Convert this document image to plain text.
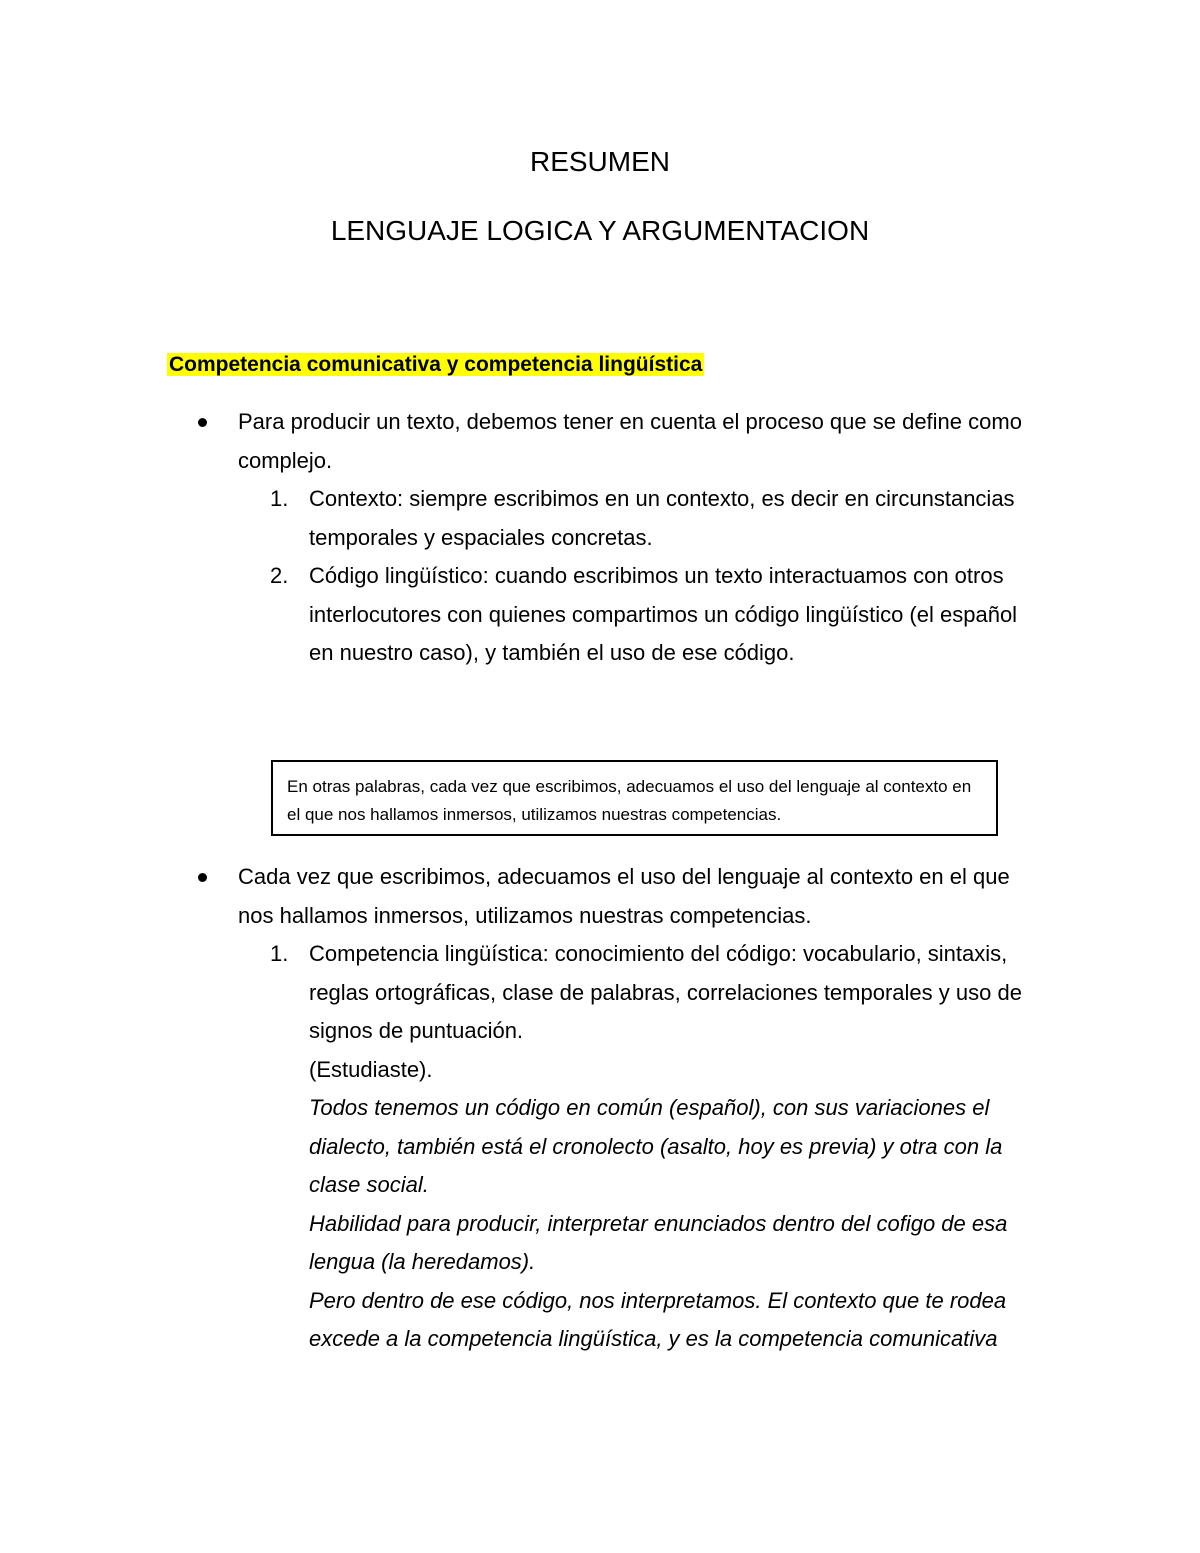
RESUMEN
LENGUAJE LOGICA Y ARGUMENTACION
Competencia comunicativa y competencia lingüística
Para producir un texto, debemos tener en cuenta el proceso que se define como complejo.
1. Contexto: siempre escribimos en un contexto, es decir en circunstancias temporales y espaciales concretas.
2. Código lingüístico: cuando escribimos un texto interactuamos con otros interlocutores con quienes compartimos un código lingüístico (el español en nuestro caso), y también el uso de ese código.
En otras palabras, cada vez que escribimos, adecuamos el uso del lenguaje al contexto en el que nos hallamos inmersos, utilizamos nuestras competencias.
Cada vez que escribimos, adecuamos el uso del lenguaje al contexto en el que nos hallamos inmersos, utilizamos nuestras competencias.
1. Competencia lingüística: conocimiento del código: vocabulario, sintaxis, reglas ortográficas, clase de palabras, correlaciones temporales y uso de signos de puntuación.
(Estudiaste).
Todos tenemos un código en común (español), con sus variaciones el dialecto, también está el cronolecto (asalto, hoy es previa) y otra con la clase social.
Habilidad para producir, interpretar enunciados dentro del cofigo de esa lengua (la heredamos).
Pero dentro de ese código, nos interpretamos. El contexto que te rodea excede a la competencia lingüística, y es la competencia comunicativa
